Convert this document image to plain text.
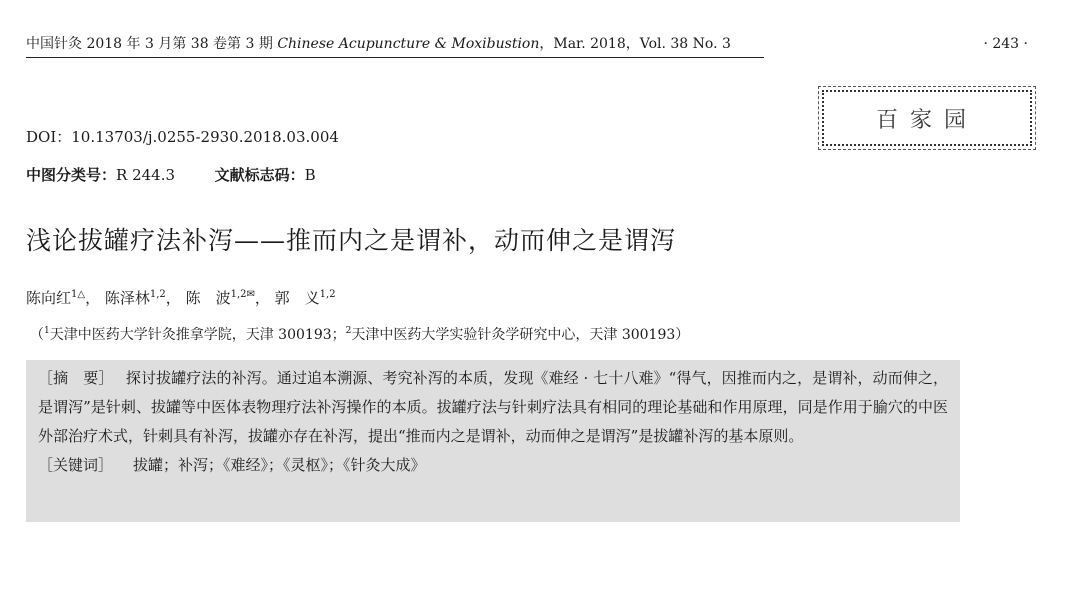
中国针灸 2018 年 3 月第 38 卷第 3 期 Chinese Acupuncture & Moxibustion，Mar. 2018，Vol. 38 No. 3	· 243 ·
百家园
DOI：10.13703/j.0255-2930.2018.03.004
中图分类号：R 244.3	文献标志码：B
浅论拔罐疗法补泻——推而内之是谓补，动而伸之是谓泻
陈向红$^{1\triangle}$， 陈泽林$^{1,2}$， 陈　波$^{1,2✉}$， 郭　义$^{1,2}$
（$^1$天津中医药大学针灸推拿学院，天津 300193；$^2$天津中医药大学实验针灸学研究中心，天津 300193）
［摘　要］　 探讨拔罐疗法的补泻。通过追本溯源、考究补泻的本质，发现《难经 · 七十八难》“得气，因推而内之，是谓补，动而伸之，是谓泻”是针刺、拔罐等中医体表物理疗法补泻操作的本质。拔罐疗法与针刺疗法具有相同的理论基础和作用原理，同是作用于腧穴的中医外部治疗术式，针刺具有补泻，拔罐亦存在补泻，提出“推而内之是谓补，动而伸之是谓泻”是拔罐补泻的基本原则。
［关键词］ 拔罐；补泻；《难经》；《灵枢》；《针灸大成》
